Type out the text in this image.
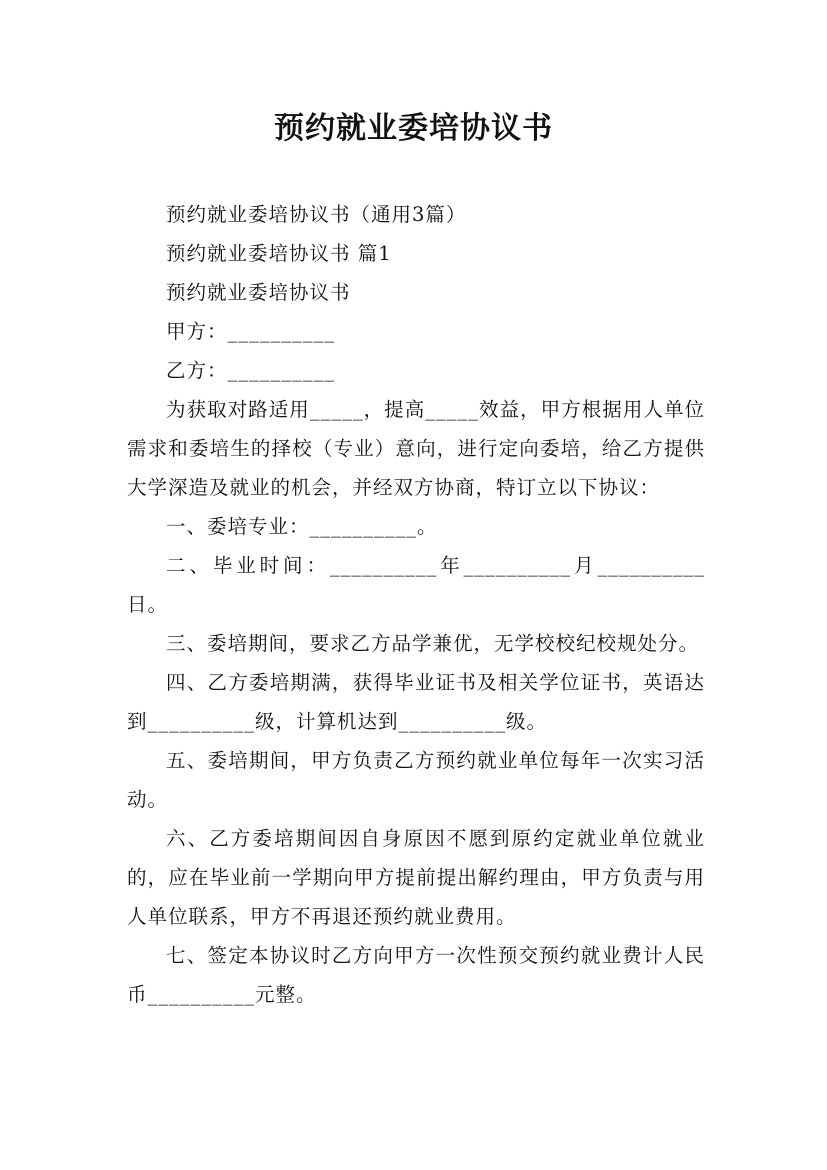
预约就业委培协议书

预约就业委培协议书（通用3篇）

预约就业委培协议书 篇1

预约就业委培协议书

甲方：__________

乙方：__________

为获取对路适用_____，提高_____效益，甲方根据用人单位需求和委培生的择校（专业）意向，进行定向委培，给乙方提供大学深造及就业的机会，并经双方协商，特订立以下协议：

一、委培专业：__________。

二、毕业时间：__________年__________月__________日。

三、委培期间，要求乙方品学兼优，无学校校纪校规处分。

四、乙方委培期满，获得毕业证书及相关学位证书，英语达到__________级，计算机达到__________级。

五、委培期间，甲方负责乙方预约就业单位每年一次实习活动。

六、乙方委培期间因自身原因不愿到原约定就业单位就业的，应在毕业前一学期向甲方提前提出解约理由，甲方负责与用人单位联系，甲方不再退还预约就业费用。

七、签定本协议时乙方向甲方一次性预交预约就业费计人民币__________元整。
